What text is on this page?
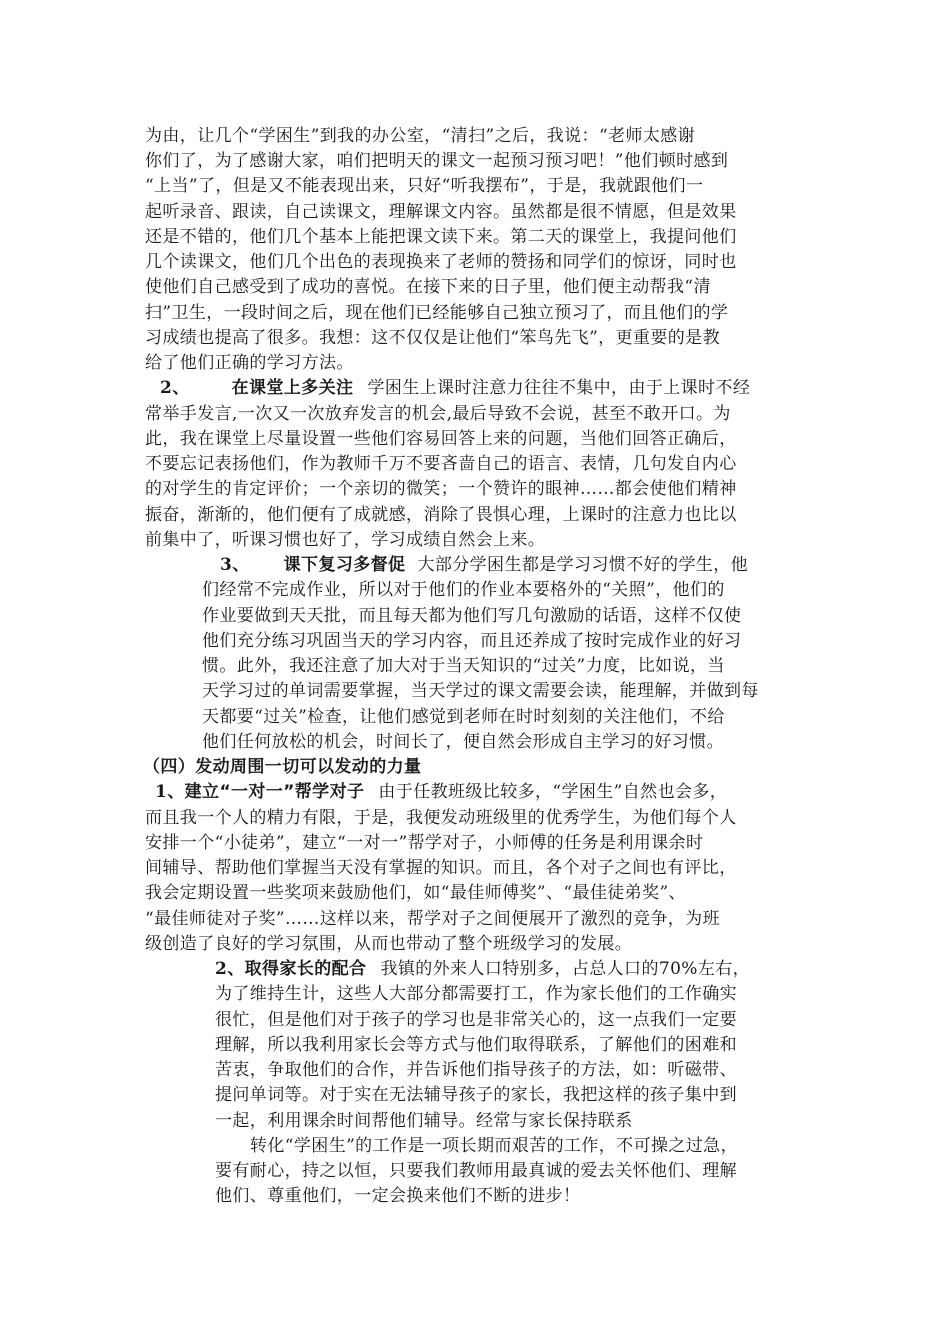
为由，让几个“学困生”到我的办公室，“清扫”之后，我说：“老师太感谢
你们了，为了感谢大家，咱们把明天的课文一起预习预习吧！”他们顿时感到
“上当”了，但是又不能表现出来，只好“听我摆布”，于是，我就跟他们一
起听录音、跟读，自己读课文，理解课文内容。虽然都是很不情愿，但是效果
还是不错的，他们几个基本上能把课文读下来。第二天的课堂上，我提问他们
几个读课文，他们几个出色的表现换来了老师的赞扬和同学们的惊讶，同时也
使他们自己感受到了成功的喜悦。在接下来的日子里，他们便主动帮我“清
扫”卫生，一段时间之后，现在他们已经能够自己独立预习了，而且他们的学
习成绩也提高了很多。我想：这不仅仅是让他们“笨鸟先飞”，更重要的是教
给了他们正确的学习方法。
2、 在课堂上多关注 学困生上课时注意力往往不集中，由于上课时不经
常举手发言,一次又一次放弃发言的机会,最后导致不会说，甚至不敢开口。为
此，我在课堂上尽量设置一些他们容易回答上来的问题，当他们回答正确后，
不要忘记表扬他们，作为教师千万不要吝啬自己的语言、表情，几句发自内心
的对学生的肯定评价；一个亲切的微笑；一个赞许的眼神……都会使他们精神
振奋，渐渐的，他们便有了成就感，消除了畏惧心理，上课时的注意力也比以
前集中了，听课习惯也好了，学习成绩自然会上来。
3、 课下复习多督促 大部分学困生都是学习习惯不好的学生，他
们经常不完成作业，所以对于他们的作业本要格外的“关照”，他们的
作业要做到天天批，而且每天都为他们写几句激励的话语，这样不仅使
他们充分练习巩固当天的学习内容，而且还养成了按时完成作业的好习
惯。此外，我还注意了加大对于当天知识的“过关”力度，比如说，当
天学习过的单词需要掌握，当天学过的课文需要会读，能理解，并做到每
天都要“过关”检查，让他们感觉到老师在时时刻刻的关注他们，不给
他们任何放松的机会，时间长了，便自然会形成自主学习的好习惯。
（四）发动周围一切可以发动的力量
1、建立“一对一”帮学对子 由于任教班级比较多，“学困生”自然也会多，
而且我一个人的精力有限，于是，我便发动班级里的优秀学生，为他们每个人
安排一个“小徒弟”，建立“一对一”帮学对子，小师傅的任务是利用课余时
间辅导、帮助他们掌握当天没有掌握的知识。而且，各个对子之间也有评比，
我会定期设置一些奖项来鼓励他们，如“最佳师傅奖”、“最佳徒弟奖”、
“最佳师徒对子奖”……这样以来，帮学对子之间便展开了激烈的竞争，为班
级创造了良好的学习氛围，从而也带动了整个班级学习的发展。
2、取得家长的配合 我镇的外来人口特别多，占总人口的70%左右，
为了维持生计，这些人大部分都需要打工，作为家长他们的工作确实
很忙，但是他们对于孩子的学习也是非常关心的，这一点我们一定要
理解，所以我利用家长会等方式与他们取得联系，了解他们的困难和
苦衷，争取他们的合作，并告诉他们指导孩子的方法，如：听磁带、
提问单词等。对于实在无法辅导孩子的家长，我把这样的孩子集中到
一起，利用课余时间帮他们辅导。经常与家长保持联系
转化“学困生”的工作是一项长期而艰苦的工作，不可操之过急，
要有耐心，持之以恒，只要我们教师用最真诚的爱去关怀他们、理解
他们、尊重他们，一定会换来他们不断的进步！
